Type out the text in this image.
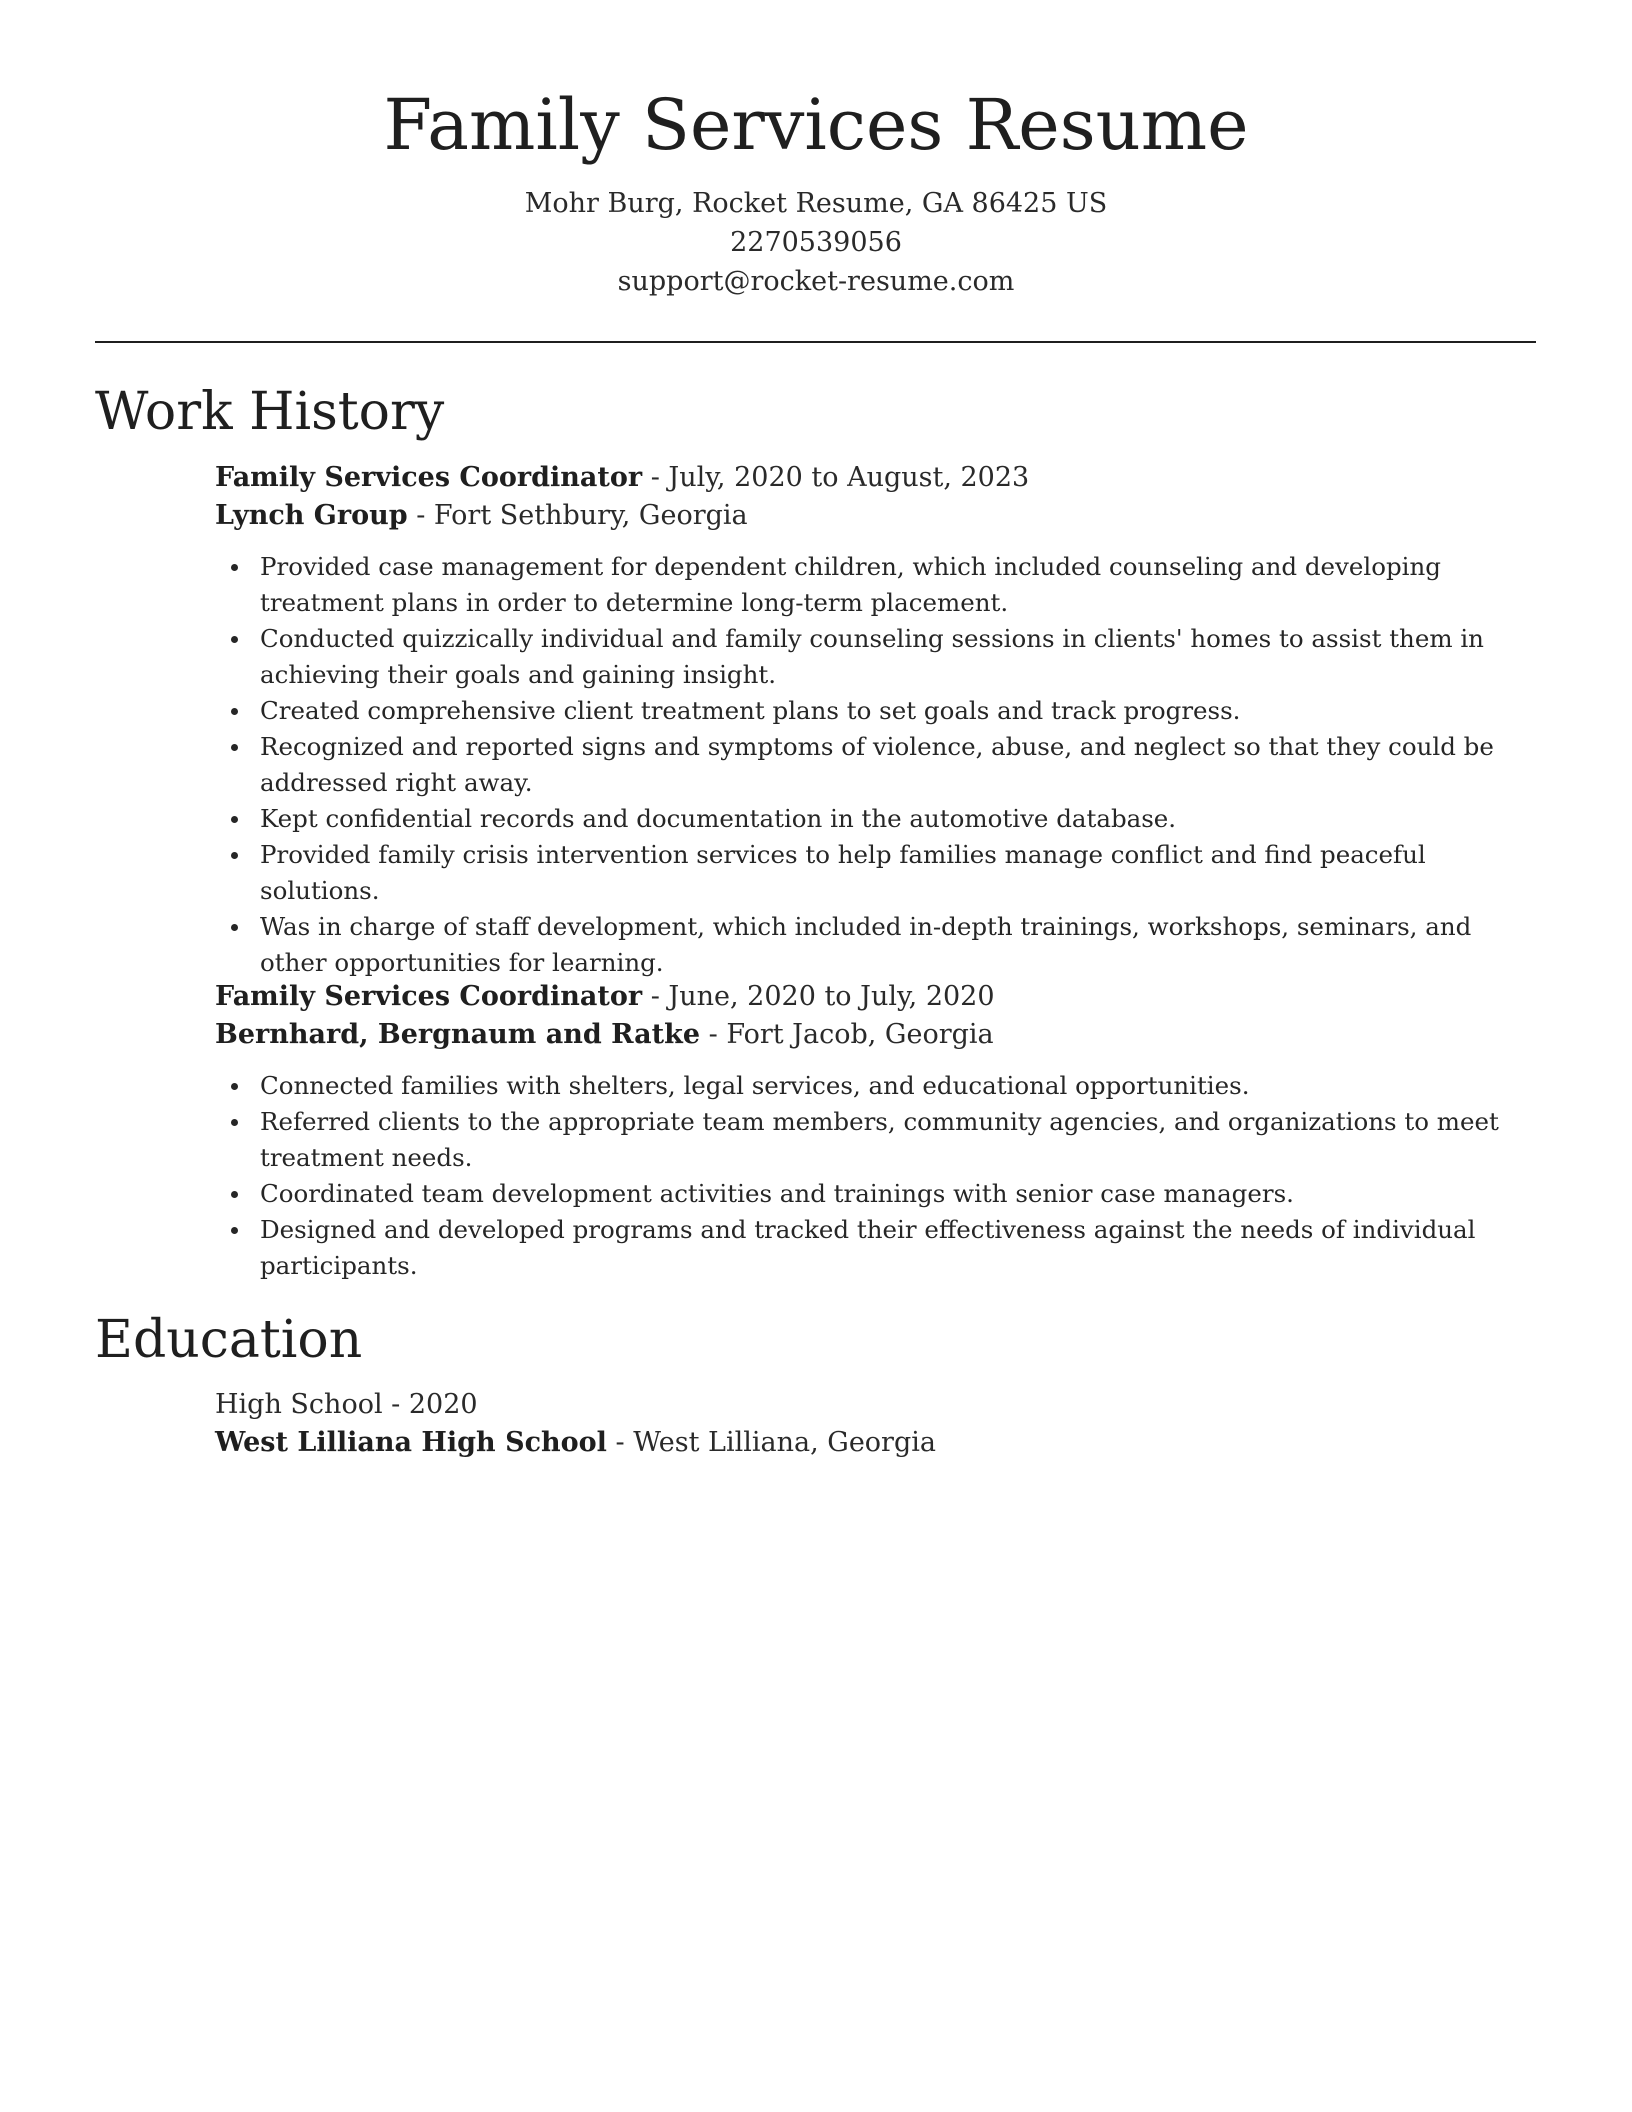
Family Services Resume
Mohr Burg, Rocket Resume, GA 86425 US
2270539056
support@rocket-resume.com
Work History
Family Services Coordinator - July, 2020 to August, 2023
Lynch Group - Fort Sethbury, Georgia
Provided case management for dependent children, which included counseling and developing treatment plans in order to determine long-term placement.
Conducted quizzically individual and family counseling sessions in clients' homes to assist them in achieving their goals and gaining insight.
Created comprehensive client treatment plans to set goals and track progress.
Recognized and reported signs and symptoms of violence, abuse, and neglect so that they could be addressed right away.
Kept confidential records and documentation in the automotive database.
Provided family crisis intervention services to help families manage conflict and find peaceful solutions.
Was in charge of staff development, which included in-depth trainings, workshops, seminars, and other opportunities for learning.
Family Services Coordinator - June, 2020 to July, 2020
Bernhard, Bergnaum and Ratke - Fort Jacob, Georgia
Connected families with shelters, legal services, and educational opportunities.
Referred clients to the appropriate team members, community agencies, and organizations to meet treatment needs.
Coordinated team development activities and trainings with senior case managers.
Designed and developed programs and tracked their effectiveness against the needs of individual participants.
Education
High School - 2020
West Lilliana High School - West Lilliana, Georgia
